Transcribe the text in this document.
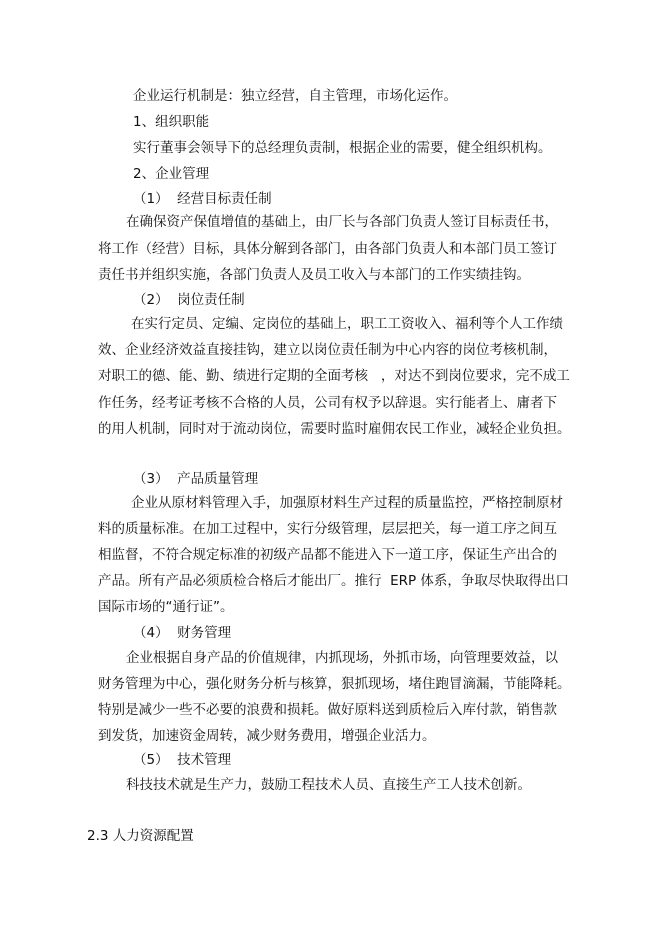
企业运行机制是：独立经营，自主管理，市场化运作。
1、组织职能
实行董事会领导下的总经理负责制，根据企业的需要，健全组织机构。
2、企业管理
（1）  经营目标责任制
在确保资产保值增值的基础上，由厂长与各部门负责人签订目标责任书，
将工作（经营）目标，具体分解到各部门，由各部门负责人和本部门员工签订
责任书并组织实施，各部门负责人及员工收入与本部门的工作实绩挂钩。
（2）  岗位责任制
在实行定员、定编、定岗位的基础上，职工工资收入、福利等个人工作绩
效、企业经济效益直接挂钩，建立以岗位责任制为中心内容的岗位考核机制，
对职工的德、能、勤、绩进行定期的全面考核   ，对达不到岗位要求，完不成工
作任务，经考证考核不合格的人员，公司有权予以辞退。实行能者上、庸者下
的用人机制，同时对于流动岗位，需要时监时雇佣农民工作业，减轻企业负担。
（3）  产品质量管理
企业从原材料管理入手，加强原材料生产过程的质量监控，严格控制原材
料的质量标准。在加工过程中，实行分级管理，层层把关，每一道工序之间互
相监督，不符合规定标准的初级产品都不能进入下一道工序，保证生产出合的
产品。所有产品必须质检合格后才能出厂。推行  ERP 体系，争取尽快取得出口
国际市场的“通行证”。
（4）  财务管理
企业根据自身产品的价值规律，内抓现场，外抓市场，向管理要效益，以
财务管理为中心，强化财务分析与核算，狠抓现场，堵住跑冒滴漏，节能降耗。
特别是减少一些不必要的浪费和损耗。做好原料送到质检后入库付款，销售款
到发货，加速资金周转，减少财务费用，增强企业活力。
（5）  技术管理
科技技术就是生产力，鼓励工程技术人员、直接生产工人技术创新。
2.3 人力资源配置
